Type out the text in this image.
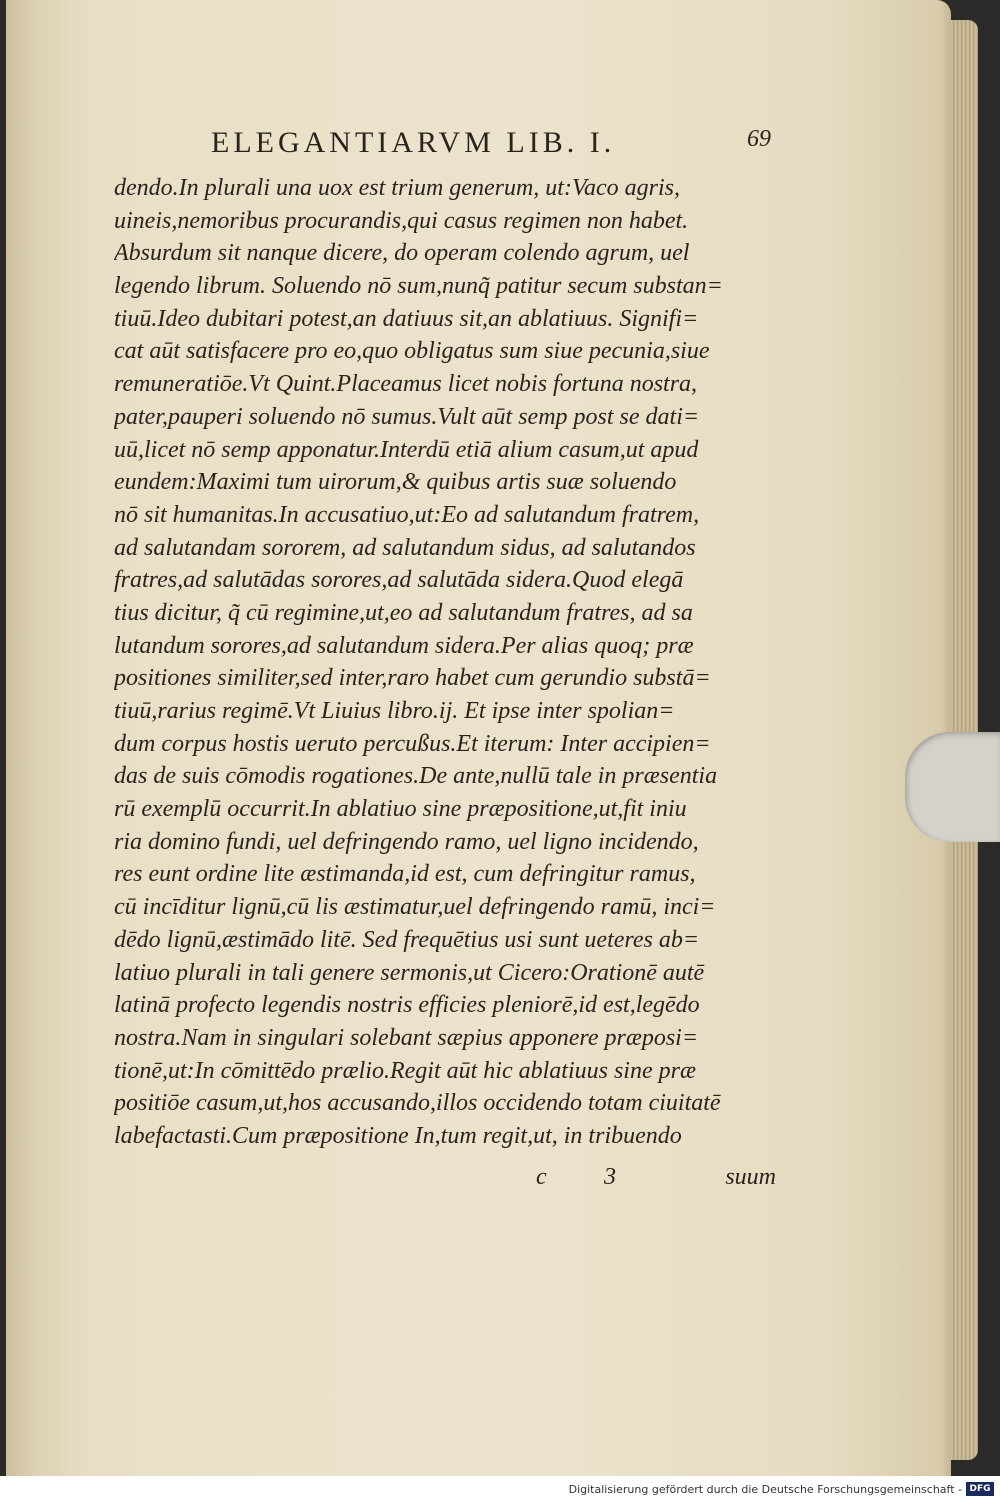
ELEGANTIARVM LIB. I.	69
dendo.In plurali una uox est trium generum, ut:Vaco agris,
uineis,nemoribus procurandis,qui casus regimen non habet.
Absurdum sit nanque dicere, do operam colendo agrum, uel
legendo librum. Soluendo nō sum,nunq̃ patitur secum substan=
tiuū.Ideo dubitari potest,an datiuus sit,an ablatiuus. Signifi=
cat aūt satisfacere pro eo,quo obligatus sum siue pecunia,siue
remuneratiōe.Vt Quint.Placeamus licet nobis fortuna nostra,
pater,pauperi soluendo nō sumus.Vult aūt semp post se dati=
uū,licet nō semp apponatur.Interdū etiā alium casum,ut apud
eundem:Maximi tum uirorum,& quibus artis suæ soluendo
nō sit humanitas.In accusatiuo,ut:Eo ad salutandum fratrem,
ad salutandam sororem, ad salutandum sidus, ad salutandos
fratres,ad salutādas sorores,ad salutāda sidera.Quod elegā
tius dicitur, q̃ cū regimine,ut,eo ad salutandum fratres, ad sa
lutandum sorores,ad salutandum sidera.Per alias quoq; præ
positiones similiter,sed inter,raro habet cum gerundio substā=
tiuū,rarius regimē.Vt Liuius libro.ij. Et ipse inter spolian=
dum corpus hostis ueruto percußus.Et iterum: Inter accipien=
das de suis cōmodis rogationes.De ante,nullū tale in præsentia
rū exemplū occurrit.In ablatiuo sine præpositione,ut,fit iniu
ria domino fundi, uel defringendo ramo, uel ligno incidendo,
res eunt ordine lite æstimanda,id est, cum defringitur ramus,
cū incīditur lignū,cū lis æstimatur,uel defringendo ramū, inci=
dēdo lignū,æstimādo litē. Sed frequētius usi sunt ueteres ab=
latiuo plurali in tali genere sermonis,ut Cicero:Orationē autē
latinā profecto legendis nostris efficies pleniorē,id est,legēdo
nostra.Nam in singulari solebant sæpius apponere præposi=
tionē,ut:In cōmittēdo prælio.Regit aūt hic ablatiuus sine præ
positiōe casum,ut,hos accusando,illos occidendo totam ciuitatē
labefactasti.Cum præpositione In,tum regit,ut, in tribuendo
c 3	suum
Digitalisierung gefördert durch die Deutsche Forschungsgemeinschaft - DFG
